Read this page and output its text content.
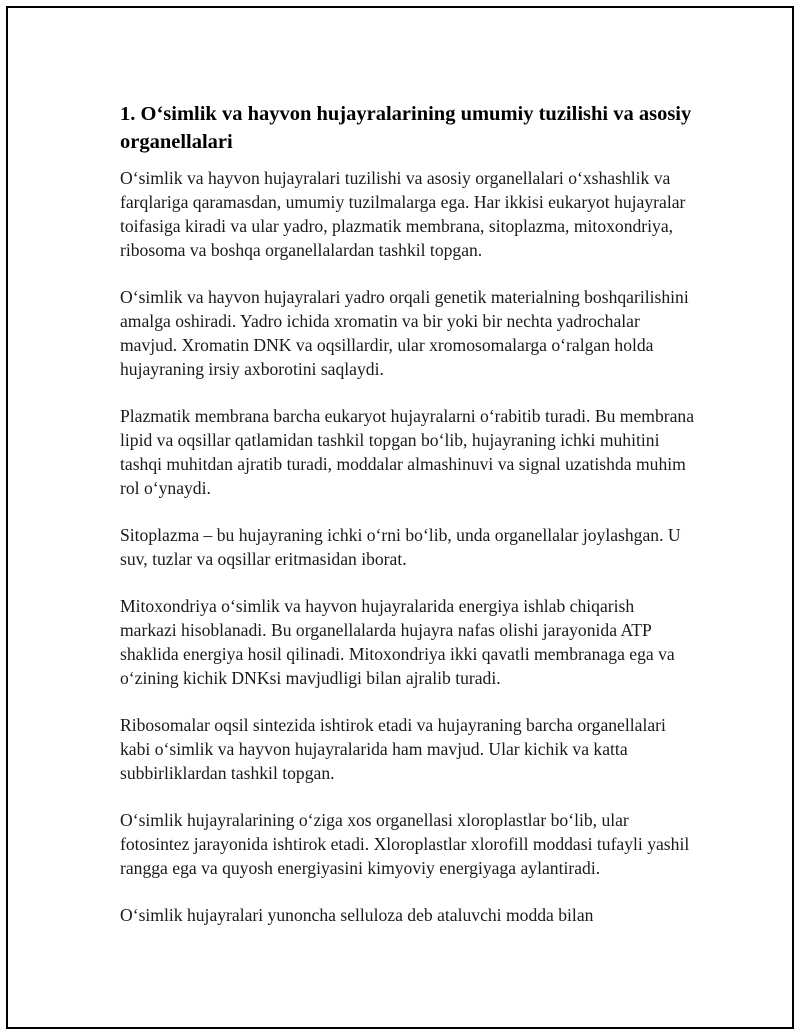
1. O‘simlik va hayvon hujayralarining umumiy tuzilishi va asosiy organellalari

O‘simlik va hayvon hujayralari tuzilishi va asosiy organellalari o‘xshashlik va farqlariga qaramasdan, umumiy tuzilmalarga ega. Har ikkisi eukaryot hujayralar toifasiga kiradi va ular yadro, plazmatik membrana, sitoplazma, mitoxondriya, ribosoma va boshqa organellalardan tashkil topgan.

O‘simlik va hayvon hujayralari yadro orqali genetik materialning boshqarilishini amalga oshiradi. Yadro ichida xromatin va bir yoki bir nechta yadrochalar mavjud. Xromatin DNK va oqsillardir, ular xromosomalarga o‘ralgan holda hujayraning irsiy axborotini saqlaydi.

Plazmatik membrana barcha eukaryot hujayralarni o‘rabitib turadi. Bu membrana lipid va oqsillar qatlamidan tashkil topgan bo‘lib, hujayraning ichki muhitini tashqi muhitdan ajratib turadi, moddalar almashinuvi va signal uzatishda muhim rol o‘ynaydi.

Sitoplazma – bu hujayraning ichki o‘rni bo‘lib, unda organellalar joylashgan. U suv, tuzlar va oqsillar eritmasidan iborat.

Mitoxondriya o‘simlik va hayvon hujayralarida energiya ishlab chiqarish markazi hisoblanadi. Bu organellalarda hujayra nafas olishi jarayonida ATP shaklida energiya hosil qilinadi. Mitoxondriya ikki qavatli membranaga ega va o‘zining kichik DNKsi mavjudligi bilan ajralib turadi.

Ribosomalar oqsil sintezida ishtirok etadi va hujayraning barcha organellalari kabi o‘simlik va hayvon hujayralarida ham mavjud. Ular kichik va katta subbirliklardan tashkil topgan.

O‘simlik hujayralarining o‘ziga xos organellasi xloroplastlar bo‘lib, ular fotosintez jarayonida ishtirok etadi. Xloroplastlar xlorofill moddasi tufayli yashil rangga ega va quyosh energiyasini kimyoviy energiyaga aylantiradi.

O‘simlik hujayralari yunoncha selluloza deb ataluvchi modda bilan
